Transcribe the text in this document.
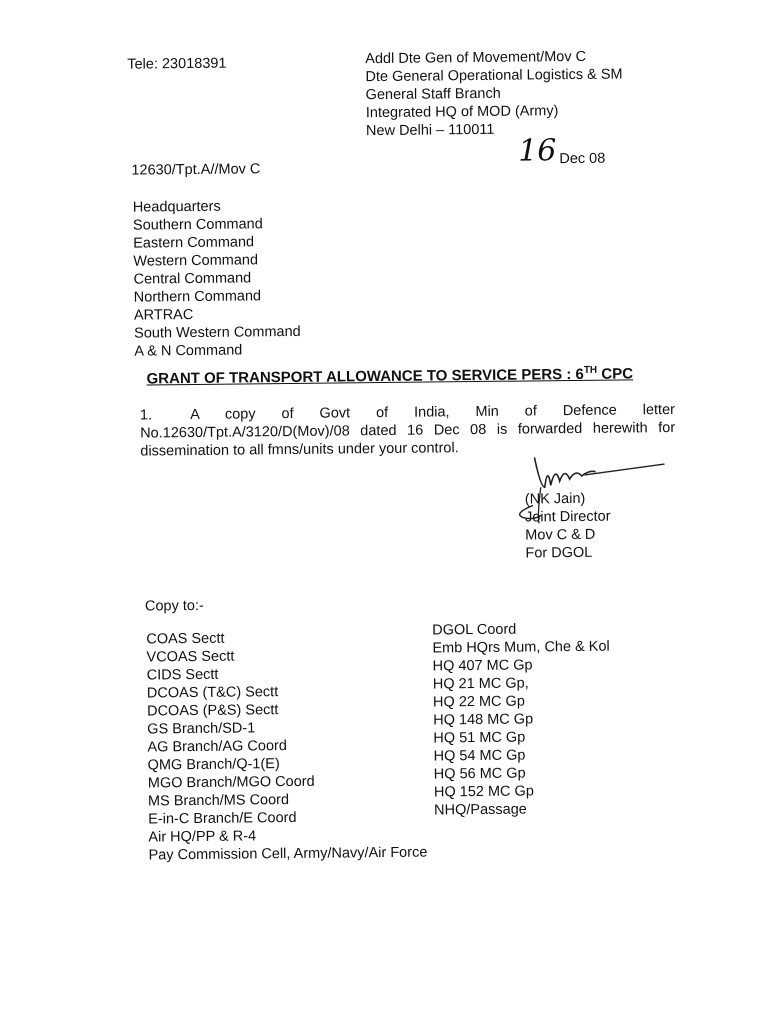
Tele: 23018391	Addl Dte Gen of Movement/Mov C
Dte General Operational Logistics & SM
General Staff Branch
Integrated HQ of MOD (Army)
New Delhi – 110011
12630/Tpt.A//Mov C
16 Dec 08
Headquarters
Southern Command
Eastern Command
Western Command
Central Command
Northern Command
ARTRAC
South Western Command
A & N Command
GRANT OF TRANSPORT ALLOWANCE TO SERVICE PERS : 6TH CPC
1.      A    copy    of    Govt    of    India,    Min    of    Defence    letter
No.12630/Tpt.A/3120/D(Mov)/08 dated 16 Dec 08 is forwarded herewith for dissemination to all fmns/units under your control.
(NK Jain)
Joint Director
Mov C & D
For DGOL
Copy to:-
COAS Sectt
VCOAS Sectt
CIDS Sectt
DCOAS (T&C) Sectt
DCOAS (P&S) Sectt
GS Branch/SD-1
AG Branch/AG Coord
QMG Branch/Q-1(E)
MGO Branch/MGO Coord
MS Branch/MS Coord
E-in-C Branch/E Coord
Air HQ/PP & R-4
Pay Commission Cell, Army/Navy/Air Force
DGOL Coord
Emb HQrs Mum, Che & Kol
HQ 407 MC Gp
HQ 21 MC Gp,
HQ 22 MC Gp
HQ 148 MC Gp
HQ 51 MC Gp
HQ 54 MC Gp
HQ 56 MC Gp
HQ 152 MC Gp
NHQ/Passage
